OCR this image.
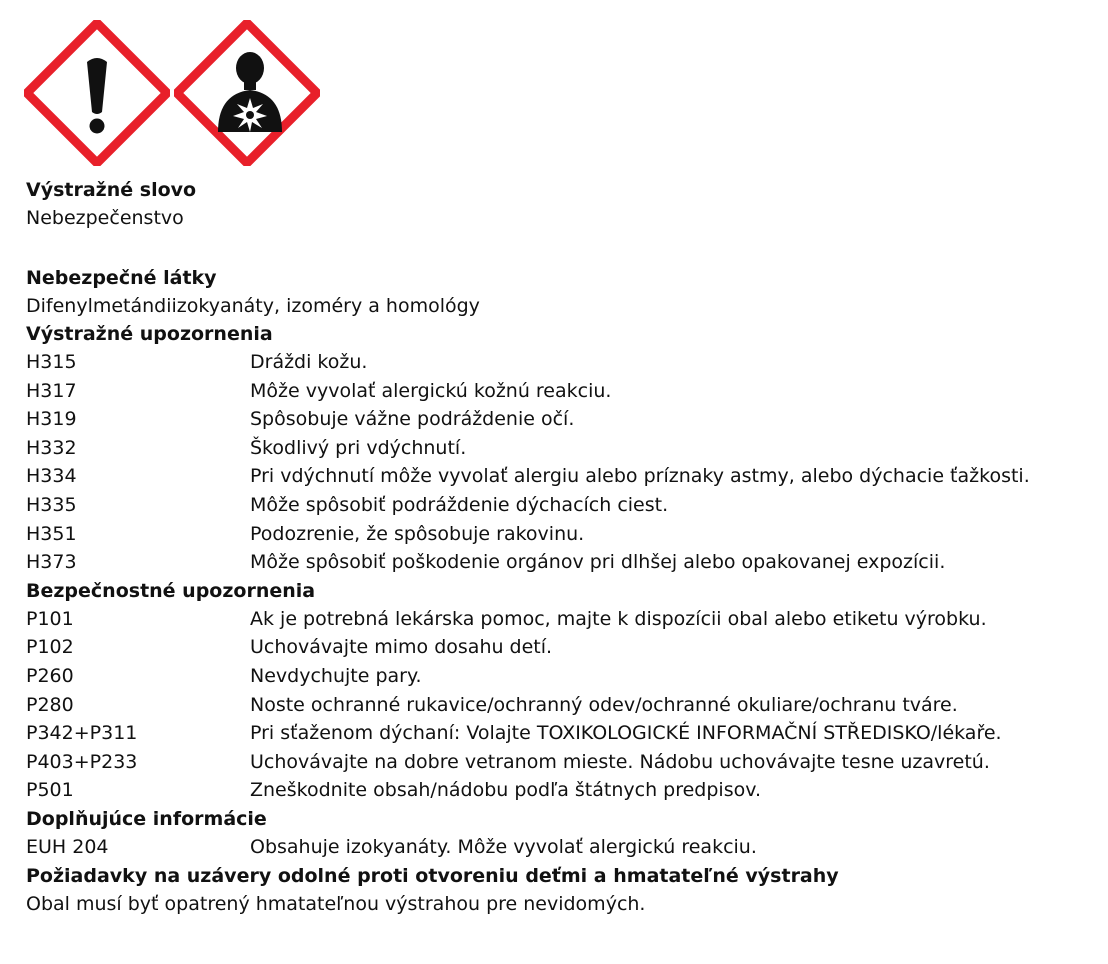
Výstražné slovo
Nebezpečenstvo
Nebezpečné látky
Difenylmetándiizokyanáty, izoméry a homológy
Výstražné upozornenia
H315	Dráždi kožu.
H317	Môže vyvolať alergickú kožnú reakciu.
H319	Spôsobuje vážne podráždenie očí.
H332	Škodlivý pri vdýchnutí.
H334	Pri vdýchnutí môže vyvolať alergiu alebo príznaky astmy, alebo dýchacie ťažkosti.
H335	Môže spôsobiť podráždenie dýchacích ciest.
H351	Podozrenie, že spôsobuje rakovinu.
H373	Môže spôsobiť poškodenie orgánov pri dlhšej alebo opakovanej expozícii.
Bezpečnostné upozornenia
P101	Ak je potrebná lekárska pomoc, majte k dispozícii obal alebo etiketu výrobku.
P102	Uchovávajte mimo dosahu detí.
P260	Nevdychujte pary.
P280	Noste ochranné rukavice/ochranný odev/ochranné okuliare/ochranu tváre.
P342+P311	Pri sťaženom dýchaní: Volajte TOXIKOLOGICKÉ INFORMAČNÍ STŘEDISKO/lékaře.
P403+P233	Uchovávajte na dobre vetranom mieste. Nádobu uchovávajte tesne uzavretú.
P501	Zneškodnite obsah/nádobu podľa štátnych predpisov.
Doplňujúce informácie
EUH 204	Obsahuje izokyanáty. Môže vyvolať alergickú reakciu.
Požiadavky na uzávery odolné proti otvoreniu deťmi a hmatateľné výstrahy
Obal musí byť opatrený hmatateľnou výstrahou pre nevidomých.
